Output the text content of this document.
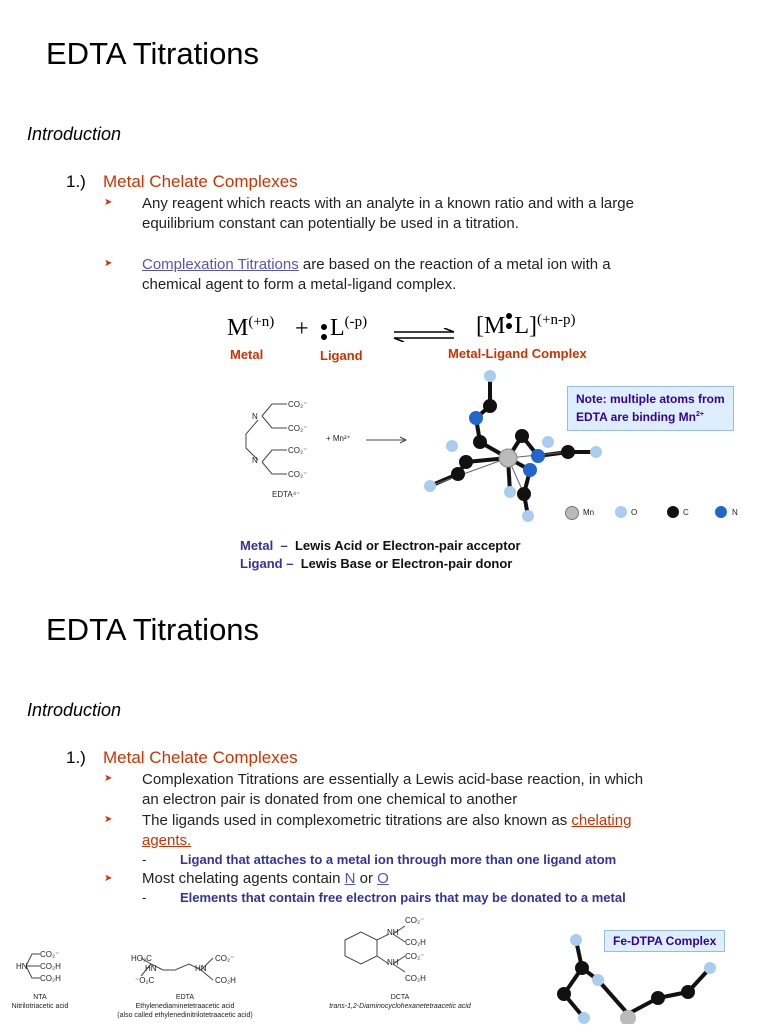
EDTA Titrations
Introduction
1.) Metal Chelate Complexes
➤ Any reagent which reacts with an analyte in a known ratio and with a large
equilibrium constant can potentially be used in a titration.
➤ Complexation Titrations are based on the reaction of a metal ion with a
chemical agent to form a metal-ligand complex.
$M^{(+n)} + L^{(-p)}$ ⇌ [M L]$^{(+n-p)}$
Metal	Ligand	Metal-Ligand Complex
N
N
CO₂⁻
CO₂⁻
CO₂⁻
CO₂⁻
+ Mn²⁺
EDTA⁴⁻
Note: multiple atoms from
EDTA are binding $Mn^{2+}$
Mn	O	C	N
Metal – Lewis Acid or Electron-pair acceptor
Ligand – Lewis Base or Electron-pair donor
EDTA Titrations
Introduction
1.) Metal Chelate Complexes
➤ Complexation Titrations are essentially a Lewis acid-base reaction, in which
an electron pair is donated from one chemical to another
➤ The ligands used in complexometric titrations are also known as chelating
agents.
-	Ligand that attaches to a metal ion through more than one ligand atom
➤ Most chelating agents contain N or O
-	Elements that contain free electron pairs that may be donated to a metal
HN
CO₂⁻
CO₂H
CO₂H
NTA
Nitrilotriacetic acid
HO₂C
HN
⁻O₂C
HN
CO₂⁻
CO₂H
EDTA
Ethylenediaminetetraacetic acid
(also called ethylenedinitrilotetraacetic acid)
NH
NH
CO₂⁻
CO₂H
CO₂⁻
CO₂H
DCTA
trans-1,2-Diaminocyclohexanetetraacetic acid
Fe-DTPA Complex
